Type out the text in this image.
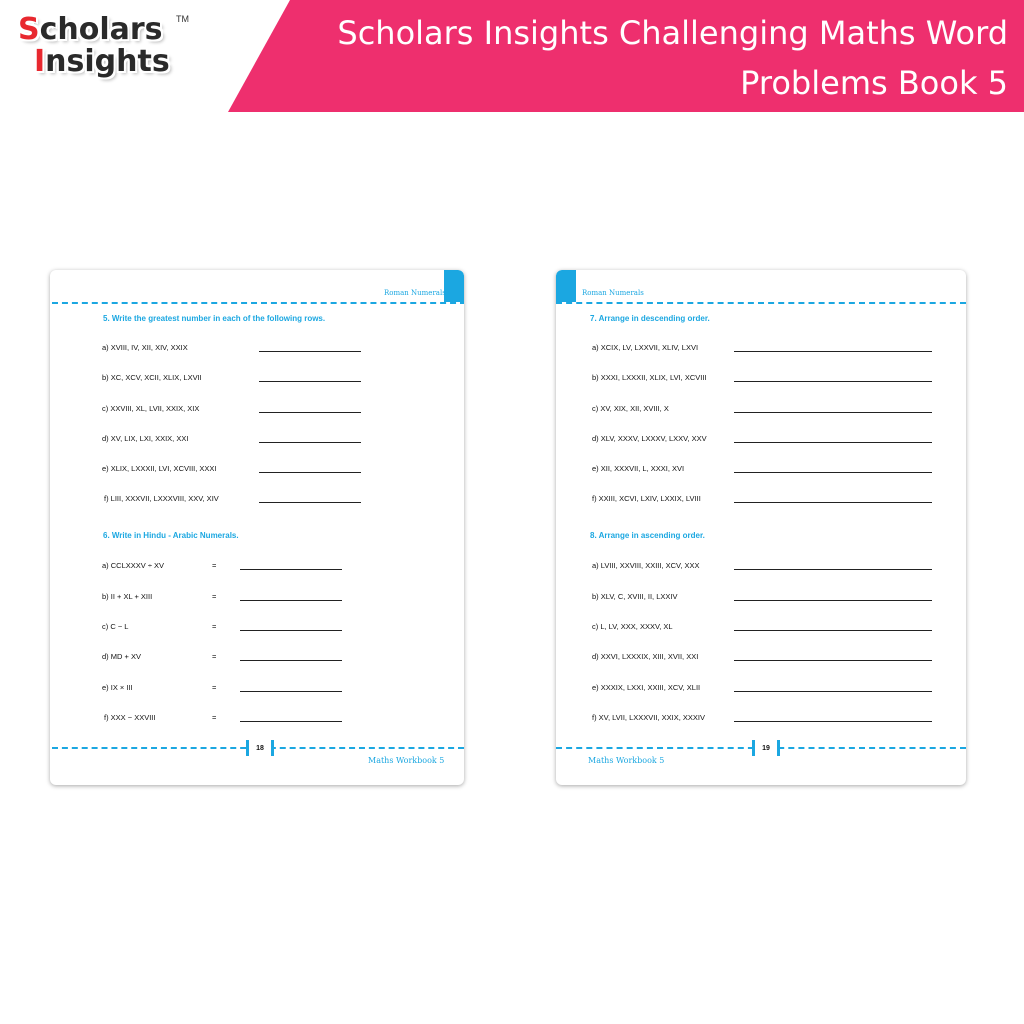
Scholars Insights Challenging Maths Word
Problems Book 5
Scholars
Insights
TM
Roman Numerals
5. Write the greatest number in each of the following rows.
a) XVIII, IV, XII, XIV, XXIX
b) XC, XCV, XCII, XLIX, LXVII
c) XXVIII, XL, LVII, XXIX, XIX
d) XV, LIX, LXI, XXIX, XXI
e) XLIX, LXXXII, LVI, XCVIII, XXXI
f) LIII, XXXVII, LXXXVIII, XXV, XIV
6. Write in Hindu - Arabic Numerals.
a) CCLXXXV ÷ XV	=
b) II + XL + XIII	=
c) C − L	=
d) MD + XV	=
e) IX × III	=
f) XXX − XXVIII	=
18
Maths Workbook 5
Roman Numerals
7. Arrange in descending order.
a) XCIX, LV, LXXVII, XLIV, LXVI
b) XXXI, LXXXII, XLIX, LVI, XCVIII
c) XV, XIX, XII, XVIII, X
d) XLV, XXXV, LXXXV, LXXV, XXV
e) XII, XXXVII, L, XXXI, XVI
f) XXIII, XCVI, LXIV, LXXIX, LVIII
8. Arrange in ascending order.
a) LVIII, XXVIII, XXIII, XCV, XXX
b) XLV, C, XVIII, II, LXXIV
c) L, LV, XXX, XXXV, XL
d) XXVI, LXXXIX, XIII, XVII, XXI
e) XXXIX, LXXI, XXIII, XCV, XLII
f) XV, LVII, LXXXVII, XXIX, XXXIV
19
Maths Workbook 5
